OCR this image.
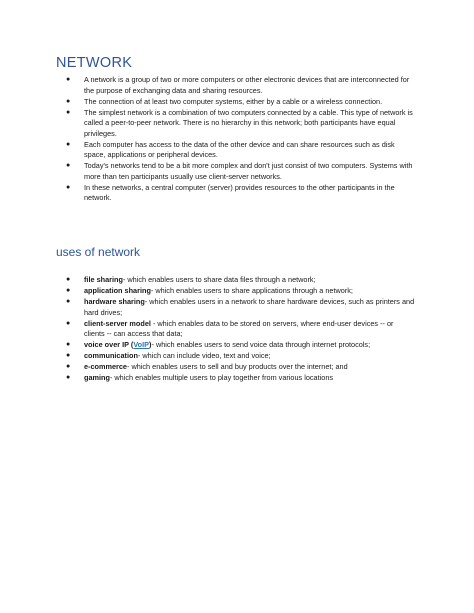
NETWORK
● A network is a group of two or more computers or other electronic devices that are interconnected for the purpose of exchanging data and sharing resources.
● The connection of at least two computer systems, either by a cable or a wireless connection.
● The simplest network is a combination of two computers connected by a cable. This type of network is called a peer-to-peer network. There is no hierarchy in this network; both participants have equal privileges.
● Each computer has access to the data of the other device and can share resources such as disk space, applications or peripheral devices.
● Today's networks tend to be a bit more complex and don't just consist of two computers. Systems with more than ten participants usually use client-server networks.
● In these networks, a central computer (server) provides resources to the other participants in the network.
uses of network
● file sharing- which enables users to share data files through a network;
● application sharing- which enables users to share applications through a network;
● hardware sharing- which enables users in a network to share hardware devices, such as printers and hard drives;
● client-server model - which enables data to be stored on servers, where end-user devices -- or clients -- can access that data;
● voice over IP (VoIP)- which enables users to send voice data through internet protocols;
● communication- which can include video, text and voice;
● e-commerce- which enables users to sell and buy products over the internet; and
● gaming- which enables multiple users to play together from various locations
